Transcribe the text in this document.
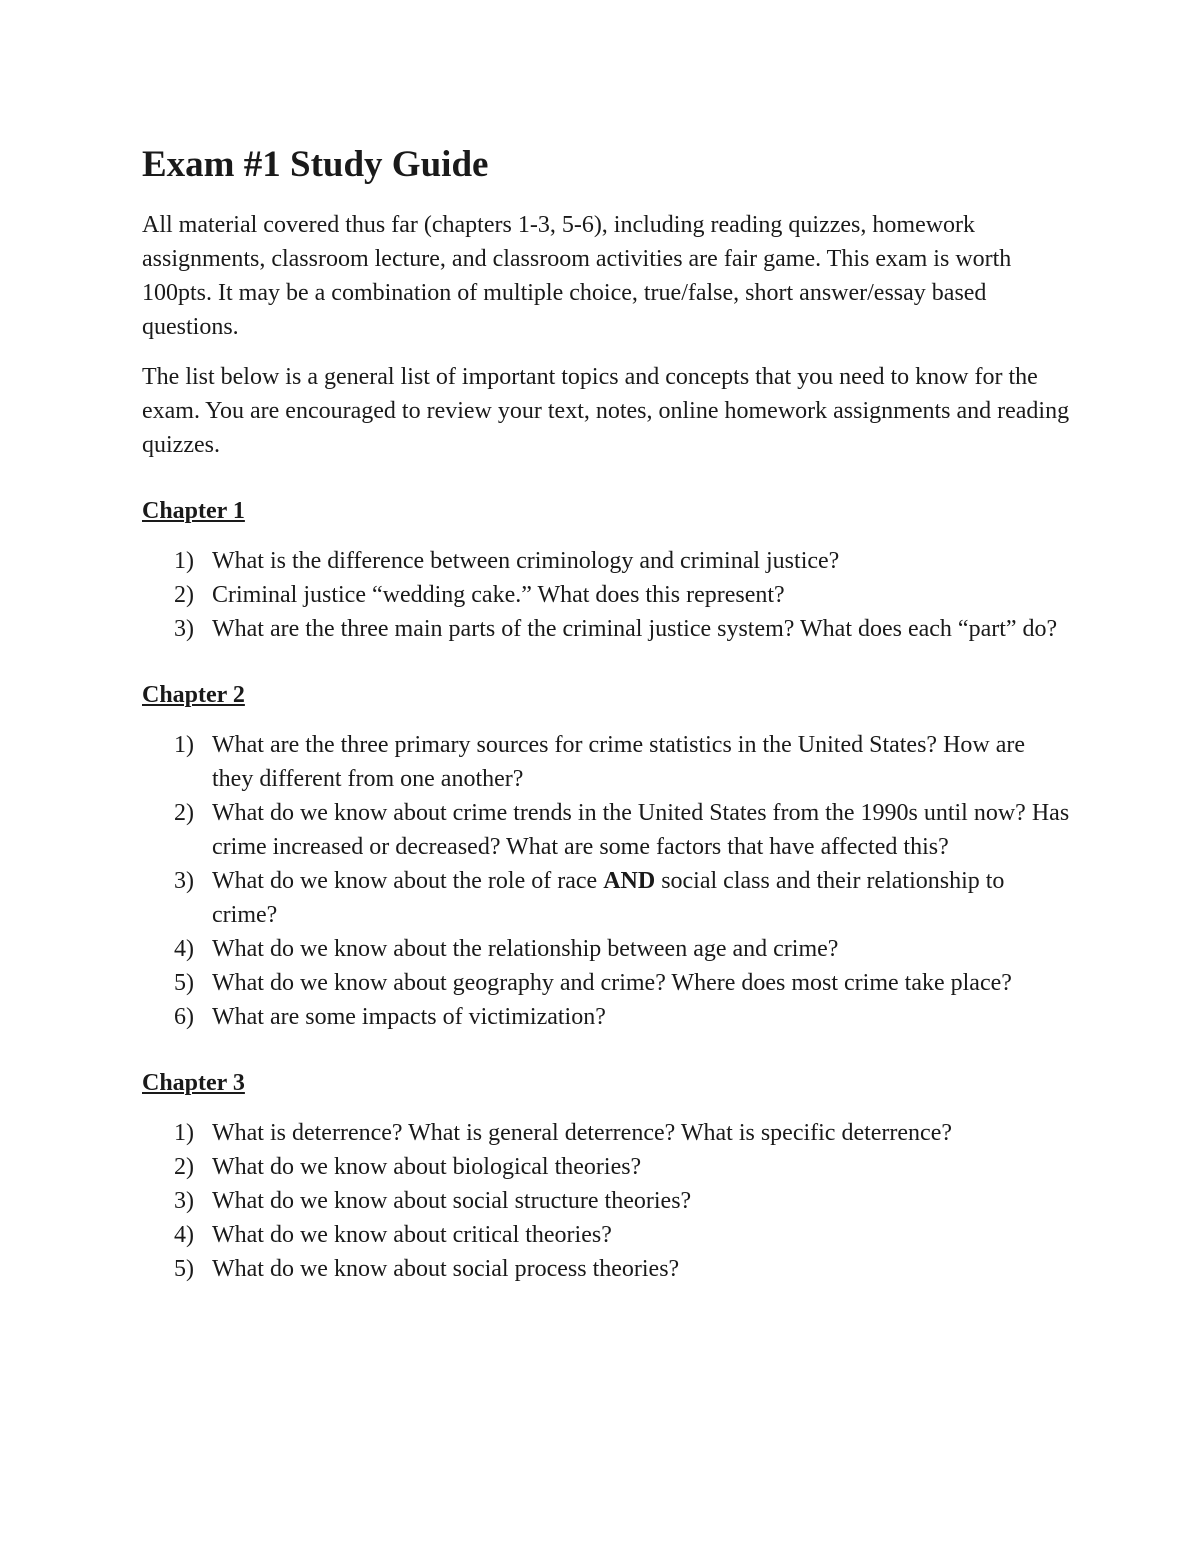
Exam #1 Study Guide

All material covered thus far (chapters 1-3, 5-6), including reading quizzes, homework assignments, classroom lecture, and classroom activities are fair game. This exam is worth 100pts. It may be a combination of multiple choice, true/false, short answer/essay based questions.

The list below is a general list of important topics and concepts that you need to know for the exam. You are encouraged to review your text, notes, online homework assignments and reading quizzes.

Chapter 1
1) What is the difference between criminology and criminal justice?
2) Criminal justice “wedding cake.” What does this represent?
3) What are the three main parts of the criminal justice system? What does each “part” do?
Chapter 2
1) What are the three primary sources for crime statistics in the United States? How are they different from one another?
2) What do we know about crime trends in the United States from the 1990s until now? Has crime increased or decreased? What are some factors that have affected this?
3) What do we know about the role of race AND social class and their relationship to crime?
4) What do we know about the relationship between age and crime?
5) What do we know about geography and crime? Where does most crime take place?
6) What are some impacts of victimization?
Chapter 3
1) What is deterrence? What is general deterrence? What is specific deterrence?
2) What do we know about biological theories?
3) What do we know about social structure theories?
4) What do we know about critical theories?
5) What do we know about social process theories?
